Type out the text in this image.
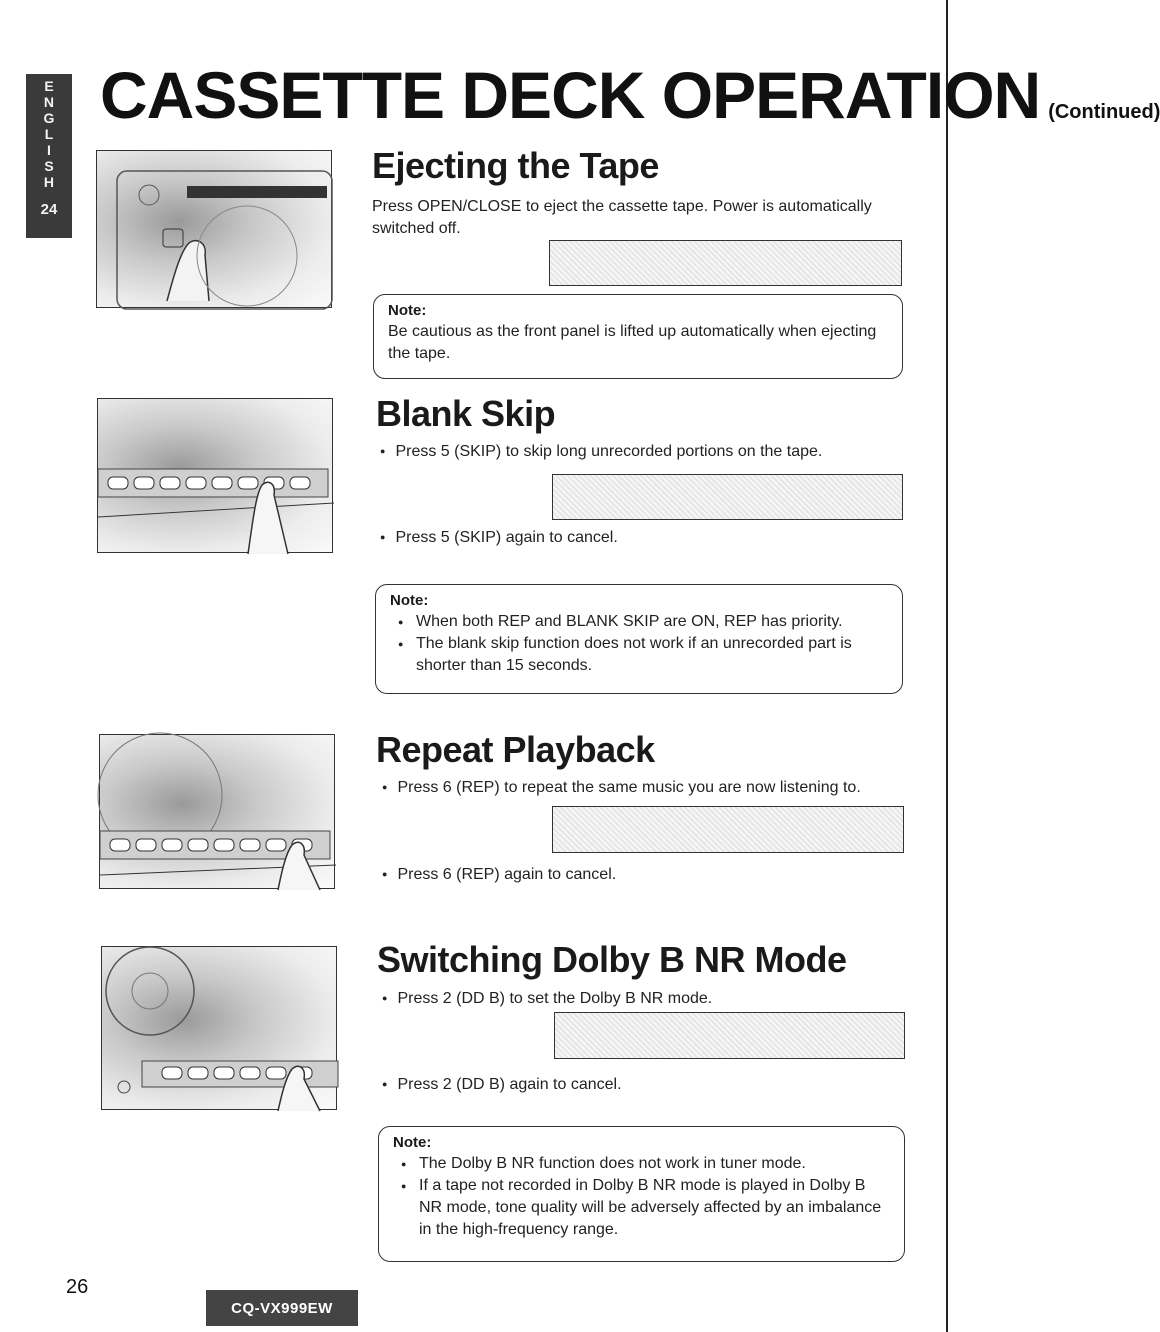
E
N
G
L
I
S
H
24
CASSETTE DECK OPERATION (Continued)
Ejecting the Tape

Press OPEN/CLOSE to eject the cassette tape. Power is automatically switched off.

Note:

Be cautious as the front panel is lifted up automatically when ejecting the tape.

Blank Skip

● Press 5 (SKIP) to skip long unrecorded portions on the tape.

● Press 5 (SKIP) again to cancel.

Note:

● When both REP and BLANK SKIP are ON, REP has priority.
● The blank skip function does not work if an unrecorded part is shorter than 15 seconds.
Repeat Playback

● Press 6 (REP) to repeat the same music you are now listening to.

● Press 6 (REP) again to cancel.

Switching Dolby B NR Mode

● Press 2 (DD B) to set the Dolby B NR mode.

● Press 2 (DD B) again to cancel.

Note:

● The Dolby B NR function does not work in tuner mode.
● If a tape not recorded in Dolby B NR mode is played in Dolby B NR mode, tone quality will be adversely affected by an imbalance in the high-frequency range.

26

CQ-VX999EW
